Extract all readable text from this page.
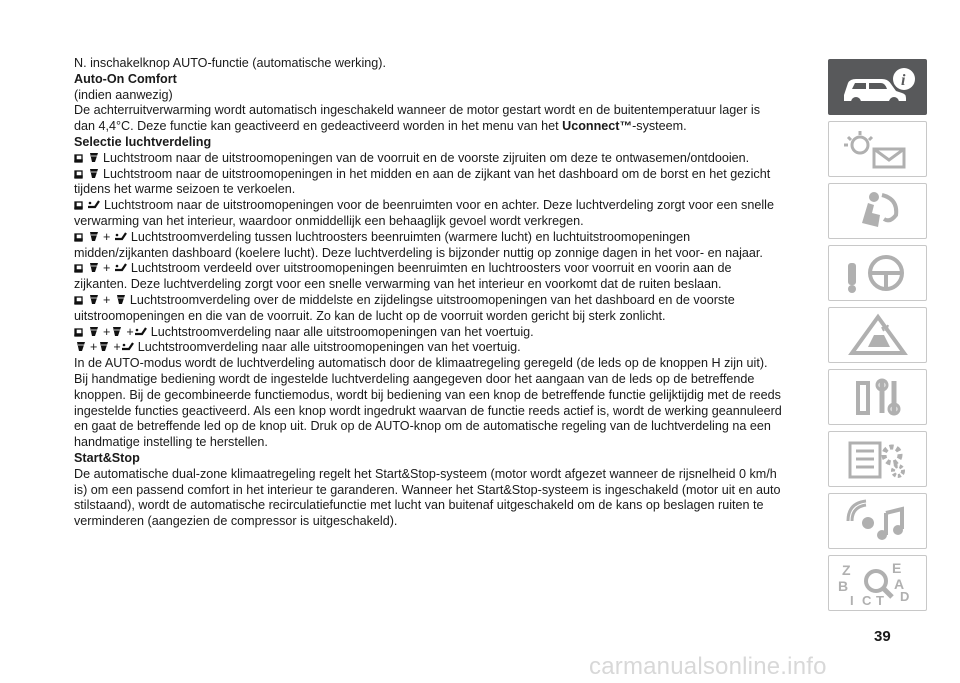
N. inschakelknop AUTO-functie (automatische werking).

Auto-On Comfort

(indien aanwezig)

De achterruitverwarming wordt automatisch ingeschakeld wanneer de motor gestart wordt en de buitentemperatuur lager is
dan 4,4°C. Deze functie kan geactiveerd en gedeactiveerd worden in het menu van het Uconnect™-systeem.

Selectie luchtverdeling

Luchtstroom naar de uitstroomopeningen van de voorruit en de voorste zijruiten om deze te ontwasemen/ontdooien.

Luchtstroom naar de uitstroomopeningen in het midden en aan de zijkant van het dashboard om de borst en het gezicht
tijdens het warme seizoen te verkoelen.

Luchtstroom naar de uitstroomopeningen voor de beenruimten voor en achter. Deze luchtverdeling zorgt voor een snelle
verwarming van het interieur, waardoor onmiddellijk een behaaglijk gevoel wordt verkregen.

+ Luchtstroomverdeling tussen luchtroosters beenruimten (warmere lucht) en luchtuitstroomopeningen
midden/zijkanten dashboard (koelere lucht). Deze luchtverdeling is bijzonder nuttig op zonnige dagen in het voor- en najaar.

+ Luchtstroom verdeeld over uitstroomopeningen beenruimten en luchtroosters voor voorruit en voorin aan de
zijkanten. Deze luchtverdeling zorgt voor een snelle verwarming van het interieur en voorkomt dat de ruiten beslaan.

+ Luchtstroomverdeling over de middelste en zijdelingse uitstroomopeningen van het dashboard en de voorste
uitstroomopeningen en die van de voorruit. Zo kan de lucht op de voorruit worden gericht bij sterk zonlicht.

+ + Luchtstroomverdeling naar alle uitstroomopeningen van het voertuig.

+ + Luchtstroomverdeling naar alle uitstroomopeningen van het voertuig.

In de AUTO-modus wordt de luchtverdeling automatisch door de klimaatregeling geregeld (de leds op de knoppen H zijn uit).
Bij handmatige bediening wordt de ingestelde luchtverdeling aangegeven door het aangaan van de leds op de betreffende
knoppen. Bij de gecombineerde functiemodus, wordt bij bediening van een knop de betreffende functie gelijktijdig met de reeds
ingestelde functies geactiveerd. Als een knop wordt ingedrukt waarvan de functie reeds actief is, wordt de werking geannuleerd
en gaat de betreffende led op de knop uit. Druk op de AUTO-knop om de automatische regeling van de luchtverdeling na een
handmatige instelling te herstellen.

Start&Stop

De automatische dual-zone klimaatregeling regelt het Start&Stop-systeem (motor wordt afgezet wanneer de rijsnelheid 0 km/h
is) om een passend comfort in het interieur te garanderen. Wanneer het Start&Stop-systeem is ingeschakeld (motor uit en auto
stilstaand), wordt de automatische recirculatiefunctie met lucht van buitenaf uitgeschakeld om de kans op beslagen ruiten te
verminderen (aangezien de compressor is uitgeschakeld).

i
Z	E
B	A
D
I C T
39
carmanualsonline.info
